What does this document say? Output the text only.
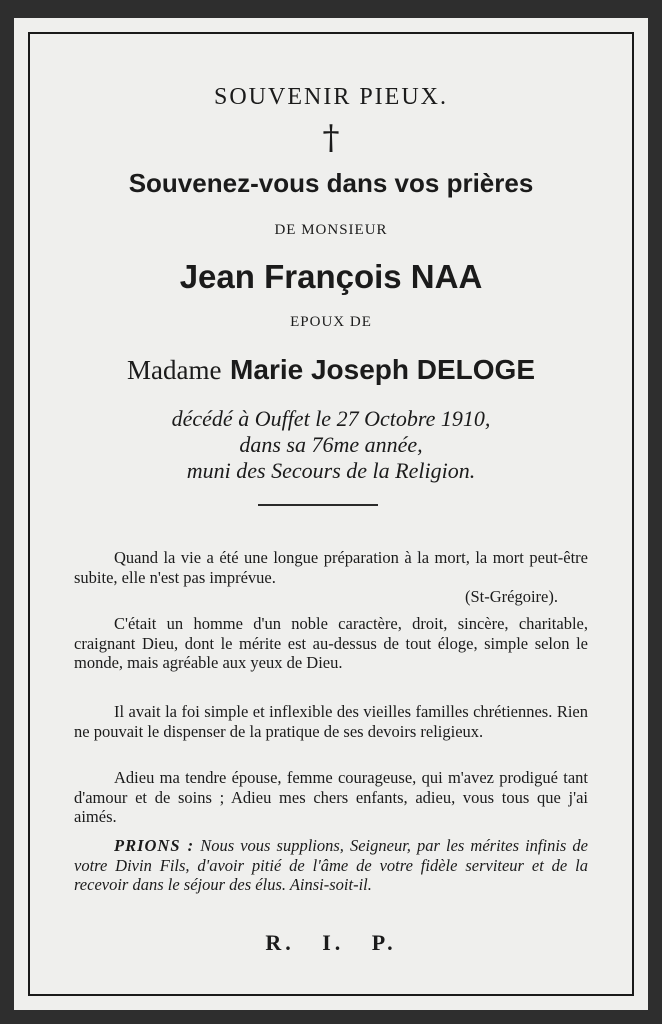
SOUVENIR PIEUX.
†
Souvenez-vous dans vos prières
DE MONSIEUR
Jean François NAA
EPOUX DE
Madame Marie Joseph DELOGE
décédé à Ouffet le 27 Octobre 1910,
dans sa 76me année,
muni des Secours de la Religion.

Quand la vie a été une longue préparation à la mort, la mort peut-être subite, elle n'est pas imprévue.

(St-Grégoire).

C'était un homme d'un noble caractère, droit, sincère, charitable, craignant Dieu, dont le mérite est au-dessus de tout éloge, simple selon le monde, mais agréable aux yeux de Dieu.

Il avait la foi simple et inflexible des vieilles familles chrétiennes. Rien ne pouvait le dispenser de la pratique de ses devoirs religieux.

Adieu ma tendre épouse, femme courageuse, qui m'avez prodigué tant d'amour et de soins ; Adieu mes chers enfants, adieu, vous tous que j'ai aimés.

PRIONS : Nous vous supplions, Seigneur, par les mérites infinis de votre Divin Fils, d'avoir pitié de l'âme de votre fidèle serviteur et de la recevoir dans le séjour des élus. Ainsi-soit-il.

R. I. P.
